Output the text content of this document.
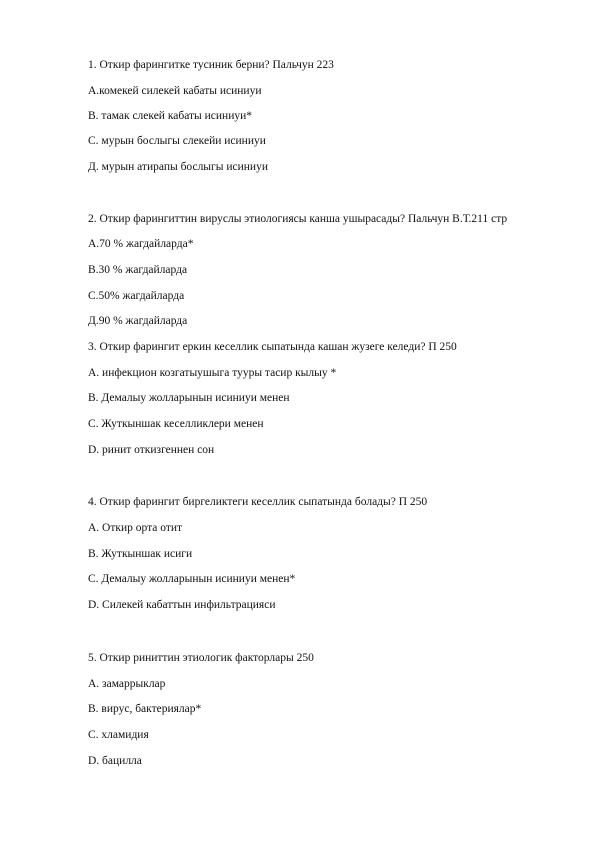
1. Откир фарингитке тусиник берни? Пальчун 223
А.комекей силекей кабаты исиниуи
В. тамак слекей кабаты исиниуи*
С. мурын бослыгы слекейи исиниуи
Д. мурын атирапы бослыгы исиниуи
2. Откир фарингиттин вируслы этиологиясы канша ушырасады? Пальчун В.Т.211 стр
А.70 % жагдайларда*
В.30 % жагдайларда
С.50% жагдайларда
Д.90 % жагдайларда
3. Откир фарингит еркин кеселлик сыпатында кашан жузеге келеди? П 250
А. инфекцион козгатыушыга тууры тасир кылыу *
В. Демалыу жолларынын исиниуи менен
С. Жуткыншак кеселликлери менен
D. ринит откизгеннен сон
4. Откир фарингит биргеликтеги кеселлик сыпатында болады? П 250
А. Откир орта отит
В. Жуткыншак исиги
С. Демалыу жолларынын исиниуи менен*
D. Силекей кабаттын инфильтрацияси
5. Откир риниттин этиологик факторлары 250
А. замаррыклар
В. вирус, бактериялар*
С. хламидия
D. бацилла
